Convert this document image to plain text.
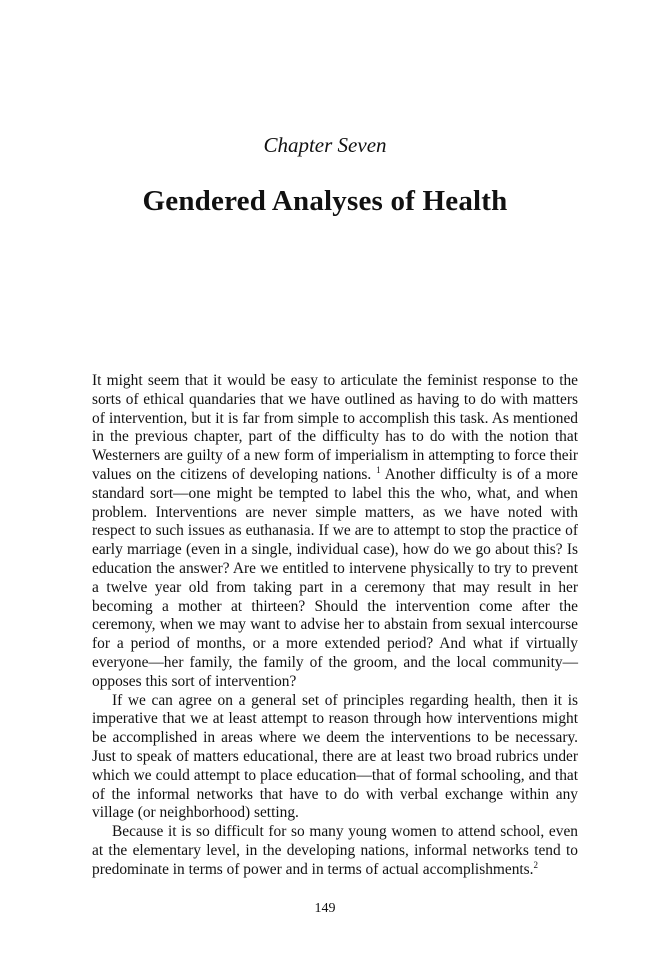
Chapter Seven
Gendered Analyses of Health

It might seem that it would be easy to articulate the feminist response to the sorts of ethical quandaries that we have outlined as having to do with matters of intervention, but it is far from simple to accomplish this task. As mentioned in the previous chapter, part of the difficulty has to do with the notion that Westerners are guilty of a new form of imperialism in attempting to force their values on the citizens of developing nations. $^1$ Another difficulty is of a more standard sort—one might be tempted to label this the who, what, and when problem. Interventions are never simple matters, as we have noted with respect to such issues as euthanasia. If we are to attempt to stop the practice of early marriage (even in a single, individual case), how do we go about this? Is education the answer? Are we entitled to intervene physically to try to prevent a twelve year old from taking part in a ceremony that may result in her becoming a mother at thirteen? Should the intervention come after the ceremony, when we may want to advise her to abstain from sexual intercourse for a period of months, or a more extended period? And what if virtually everyone—her family, the family of the groom, and the local community—opposes this sort of intervention?

If we can agree on a general set of principles regarding health, then it is imperative that we at least attempt to reason through how interventions might be accomplished in areas where we deem the interventions to be necessary. Just to speak of matters educational, there are at least two broad rubrics under which we could attempt to place education—that of formal schooling, and that of the informal networks that have to do with verbal exchange within any village (or neighborhood) setting.

Because it is so difficult for so many young women to attend school, even at the elementary level, in the developing nations, informal networks tend to predominate in terms of power and in terms of actual accomplishments.$^2$

149
